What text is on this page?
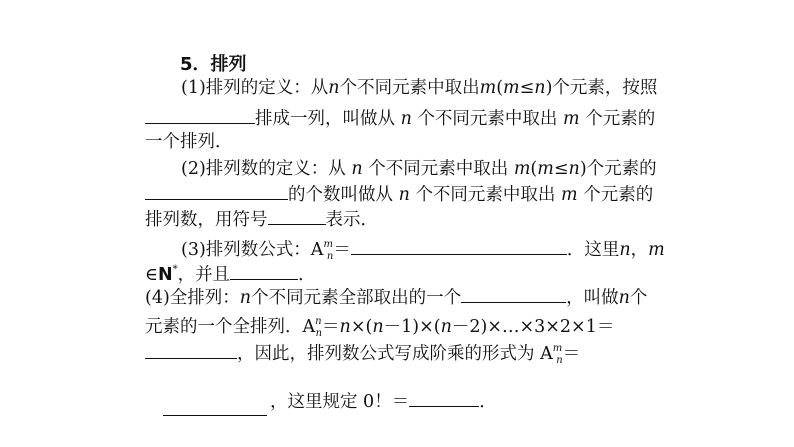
5．排列
(1)排列的定义：从n个不同元素中取出m(m≤n)个元素，按照
排成一列，叫做从 n 个不同元素中取出 m 个元素的
一个排列．
(2)排列数的定义：从 n 个不同元素中取出 m(m≤n)个元素的
的个数叫做从 n 个不同元素中取出 m 个元素的
排列数，用符号	表示．
(3)排列数公式：$A^m_n=$	．这里n，m
∈N*，并且	．
(4)全排列：n个不同元素全部取出的一个	，叫做n个
元素的一个全排列．$A^n_n=n\times(n-1)\times(n-2)\times\dots\times 3\times 2\times 1=$
，因此，排列数公式写成阶乘的形式为 $A^m_n=$
，这里规定 0！＝	．
